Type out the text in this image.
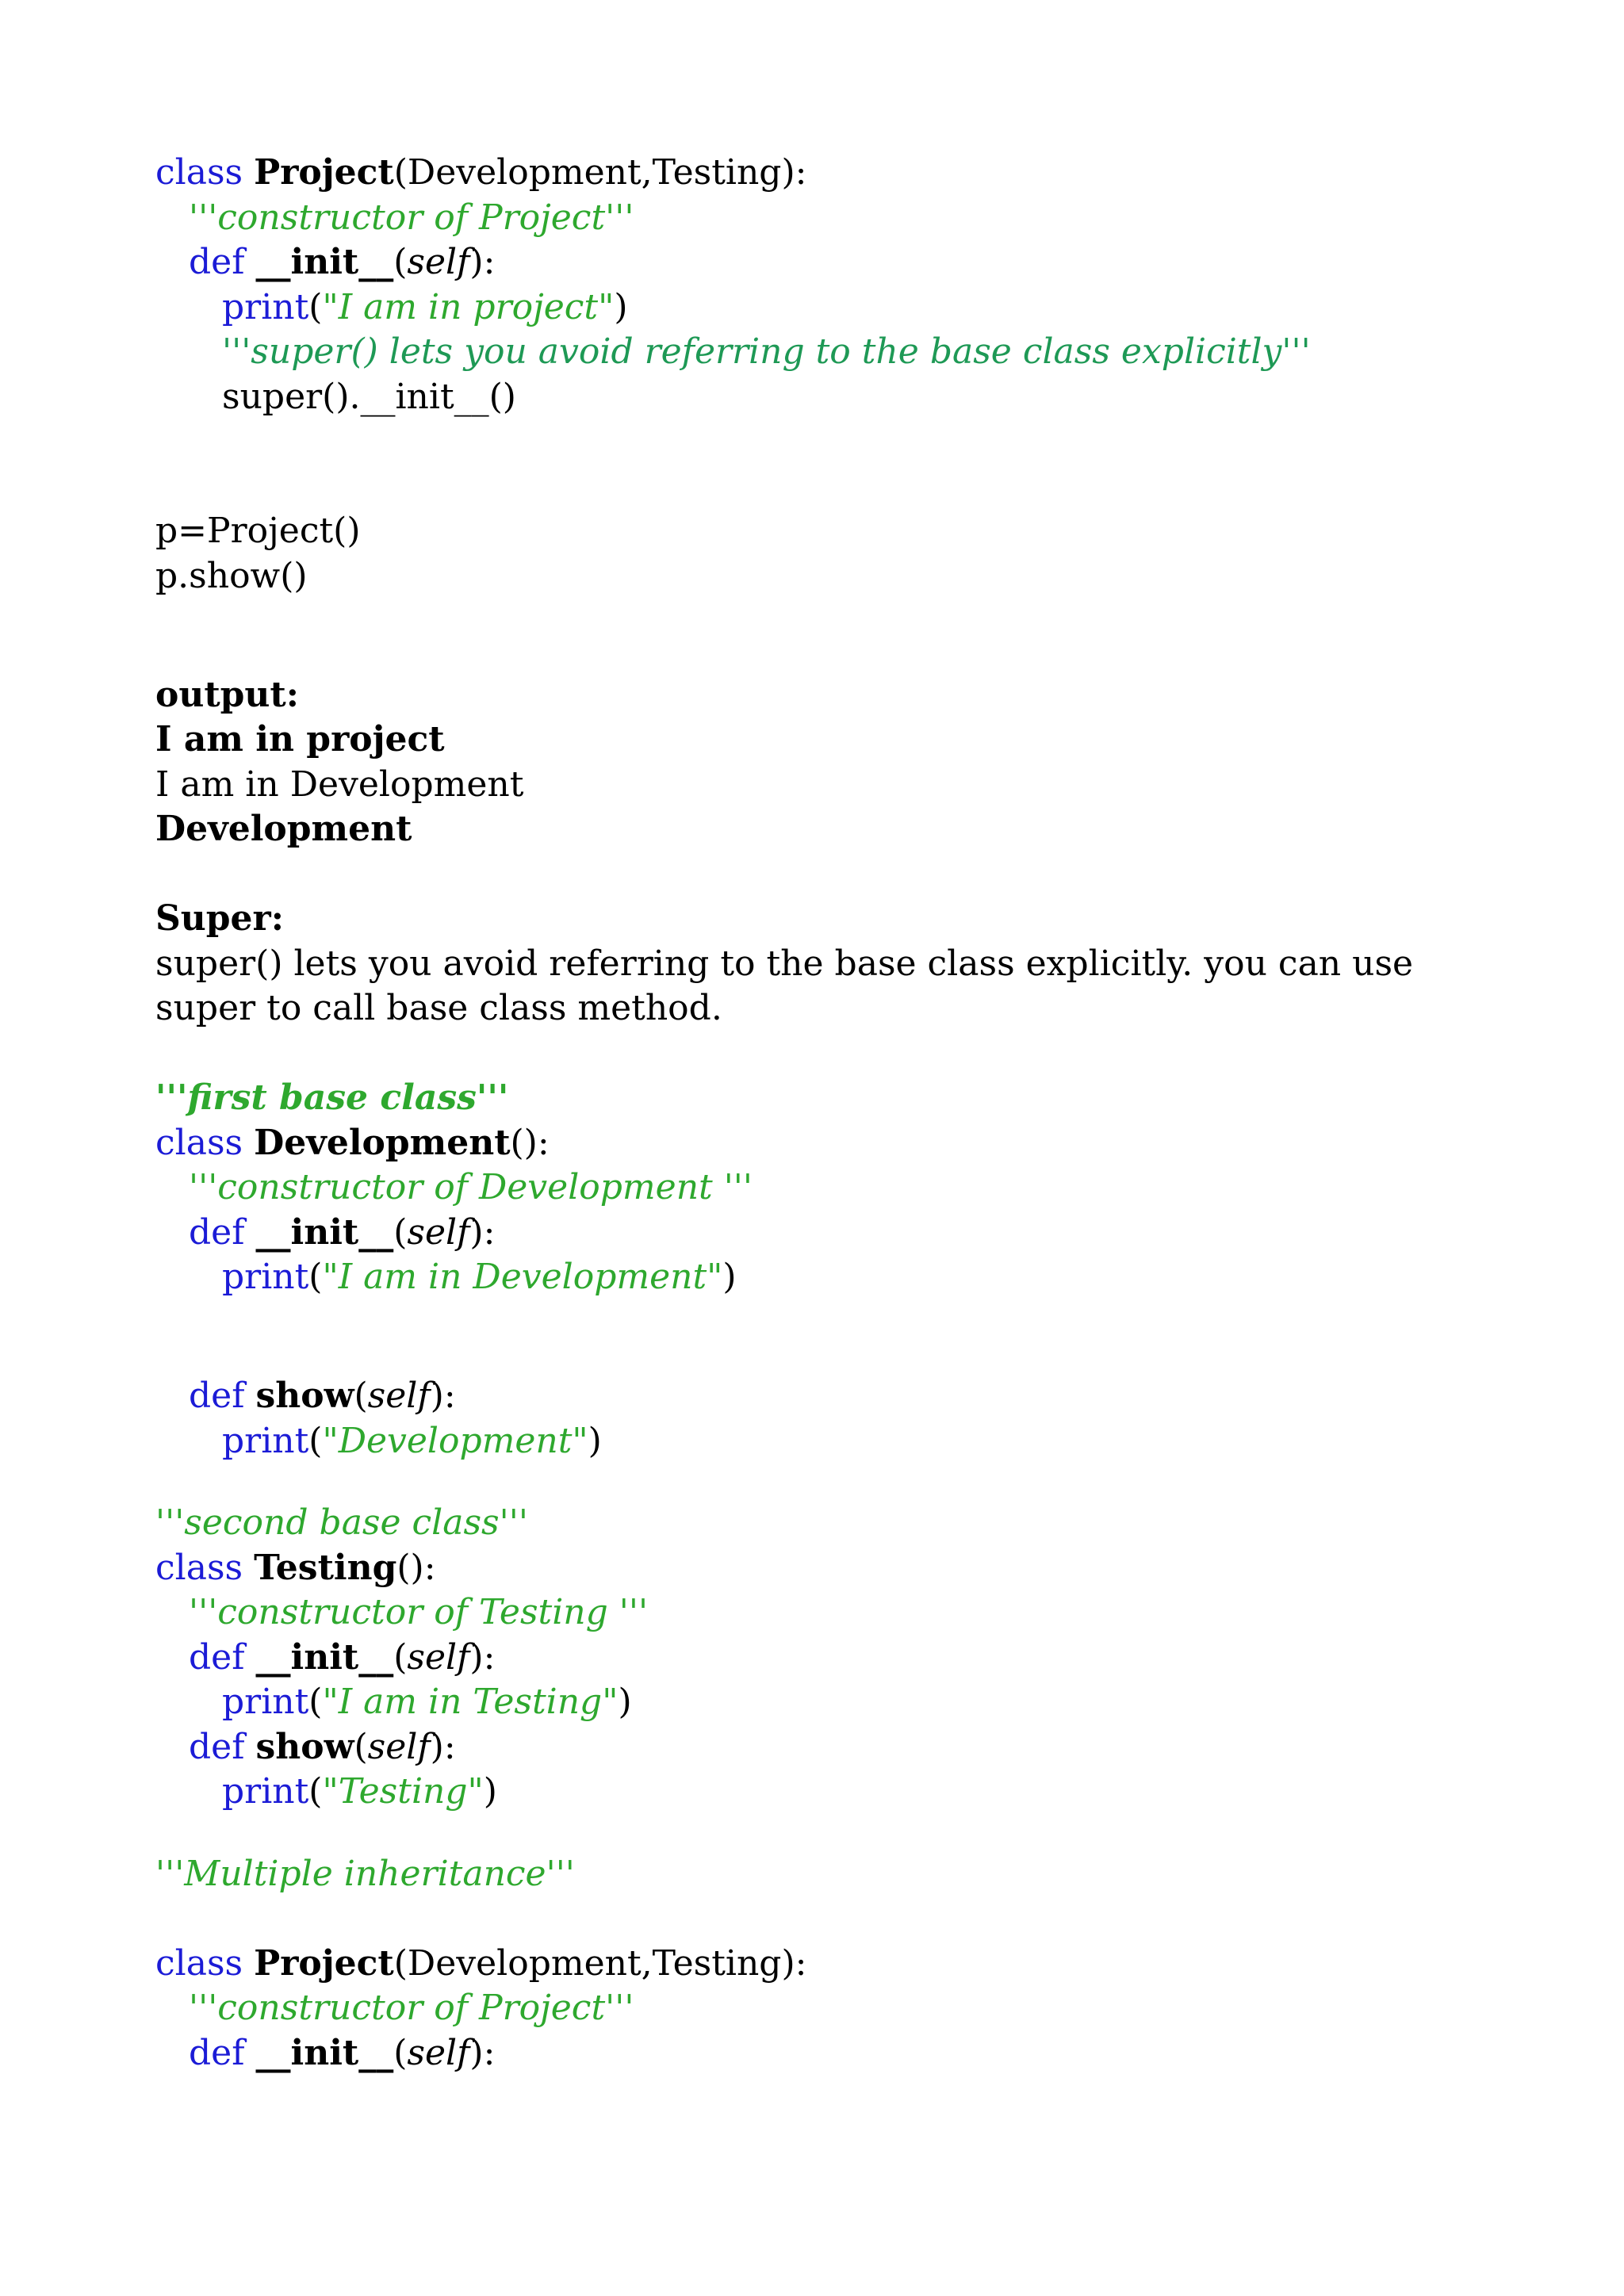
class Project(Development,Testing):
'''constructor of Project'''
def __init__(self):
print("I am in project")
'''super() lets you avoid referring to the base class explicitly'''
super().__init__()
p=Project()
p.show()
output:
I am in project
I am in Development
Development
Super:
super() lets you avoid referring to the base class explicitly. you can use super to call base class method.
'''first base class'''
class Development():
'''constructor of Development '''
def __init__(self):
print("I am in Development")
def show(self):
print("Development")
'''second base class'''
class Testing():
'''constructor of Testing '''
def __init__(self):
print("I am in Testing")
def show(self):
print("Testing")
'''Multiple inheritance'''
class Project(Development,Testing):
'''constructor of Project'''
def __init__(self):
